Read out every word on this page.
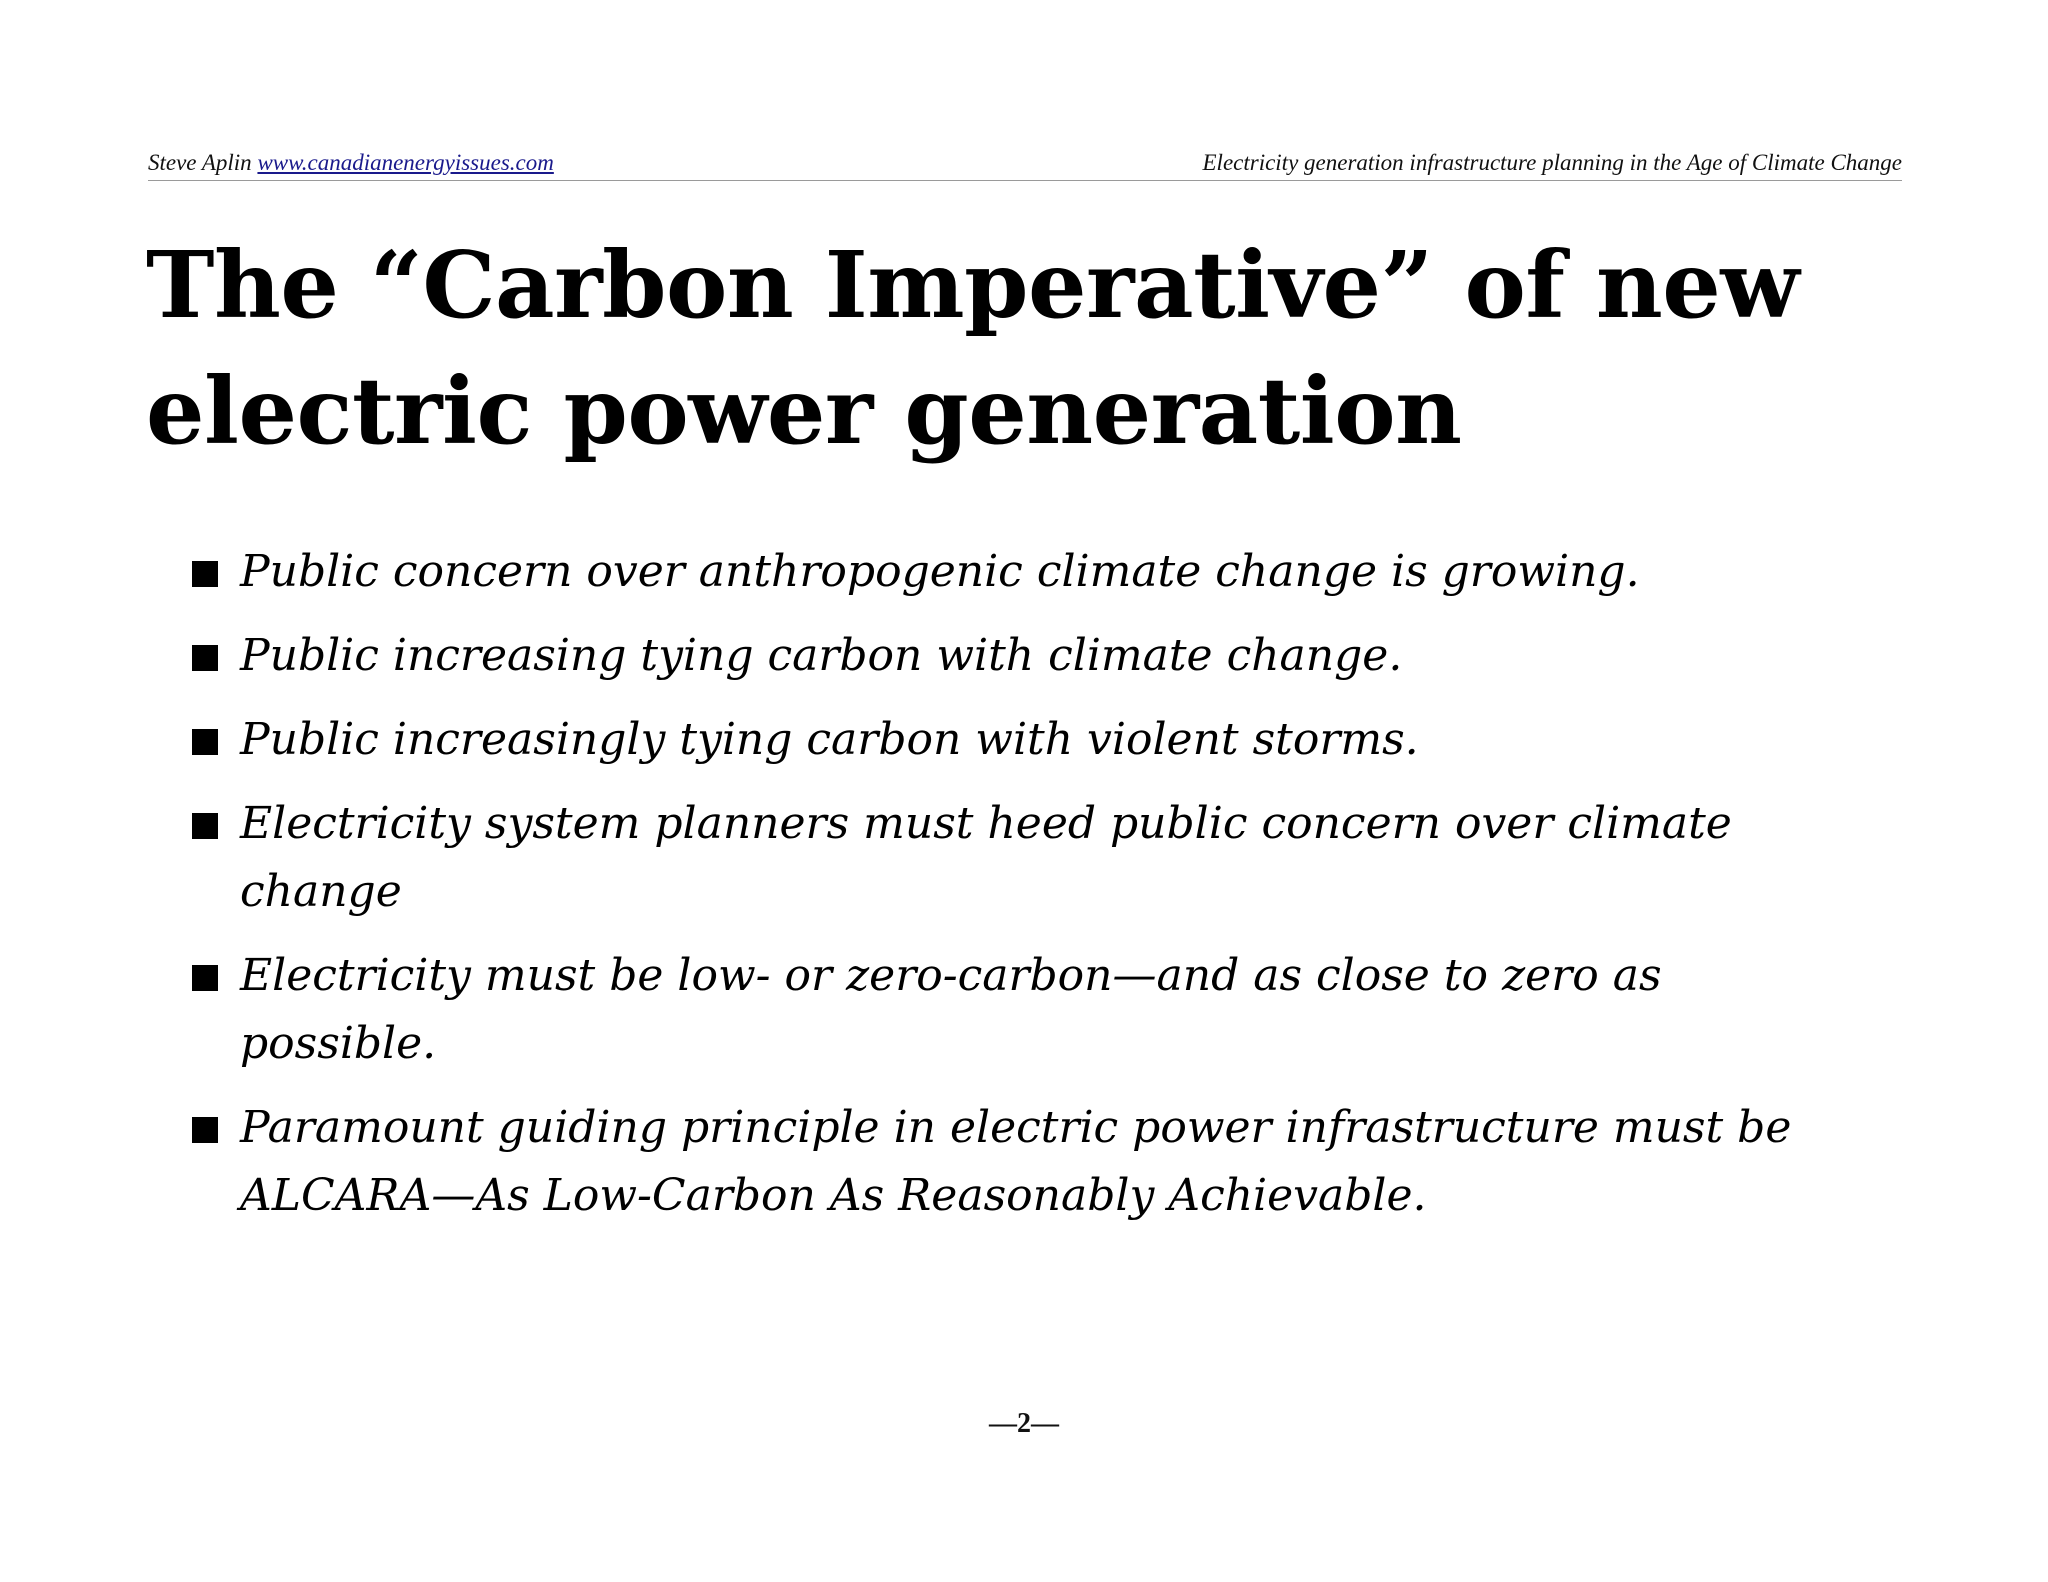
Steve Aplin www.canadianenergyissues.com	Electricity generation infrastructure planning in the Age of Climate Change
The “Carbon Imperative” of new
electric power generation
Public concern over anthropogenic climate change is growing.
Public increasing tying carbon with climate change.
Public increasingly tying carbon with violent storms.
Electricity system planners must heed public concern over climate
change
Electricity must be low- or zero-carbon—and as close to zero as
possible.
Paramount guiding principle in electric power infrastructure must be
ALCARA—As Low-Carbon As Reasonably Achievable.
—2—
